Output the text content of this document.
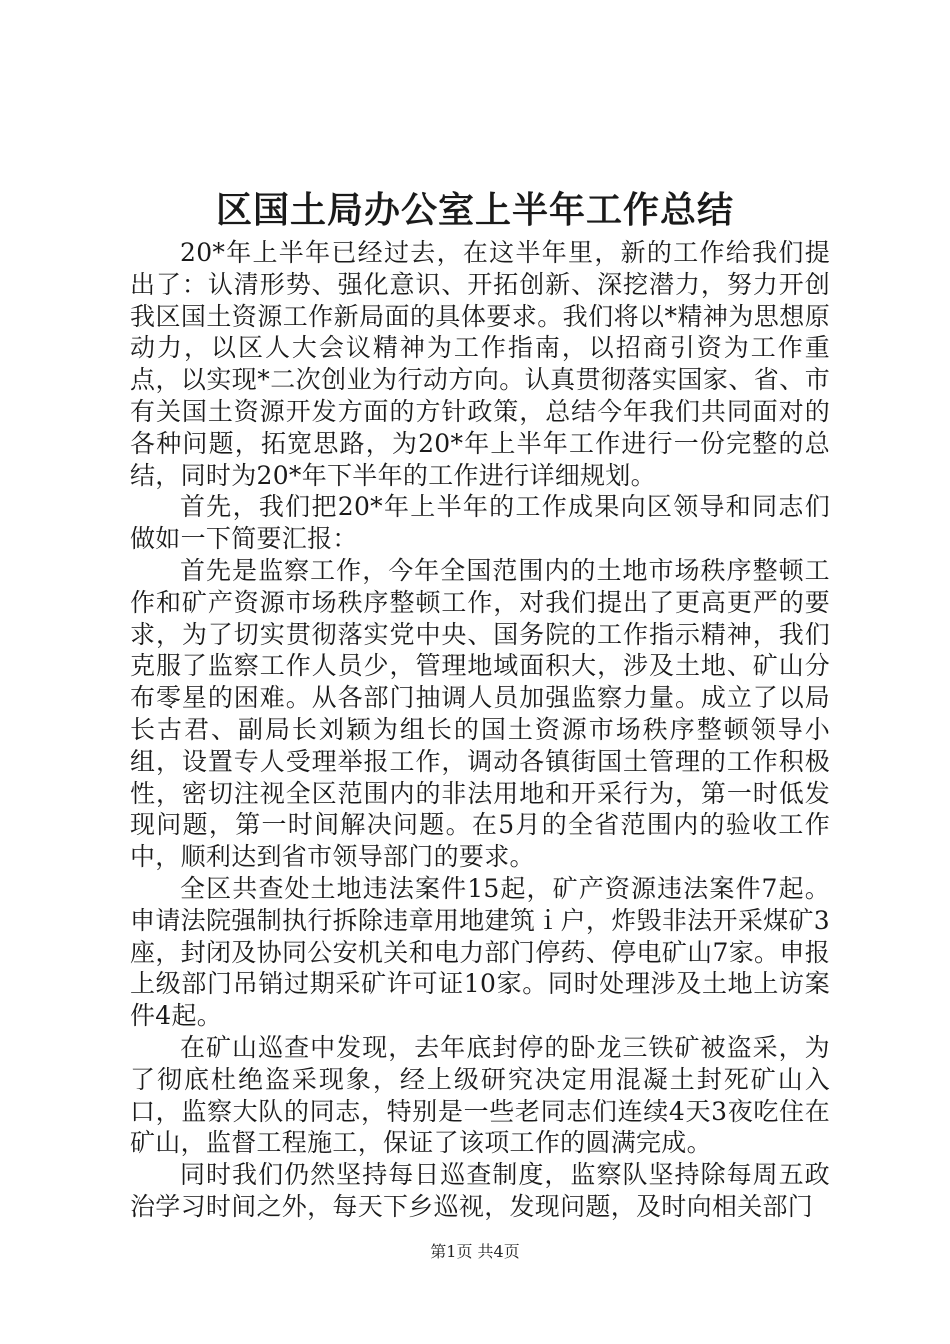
区国土局办公室上半年工作总结

20*年上半年已经过去，在这半年里，新的工作给我们提出了：认清形势、强化意识、开拓创新、深挖潜力，努力开创我区国土资源工作新局面的具体要求。我们将以*精神为思想原动力，以区人大会议精神为工作指南，以招商引资为工作重点，以实现*二次创业为行动方向。认真贯彻落实国家、省、市有关国土资源开发方面的方针政策，总结今年我们共同面对的各种问题，拓宽思路，为20*年上半年工作进行一份完整的总结，同时为20*年下半年的工作进行详细规划。

首先，我们把20*年上半年的工作成果向区领导和同志们做如一下简要汇报：

首先是监察工作，今年全国范围内的土地市场秩序整顿工作和矿产资源市场秩序整顿工作，对我们提出了更高更严的要求，为了切实贯彻落实党中央、国务院的工作指示精神，我们克服了监察工作人员少，管理地域面积大，涉及土地、矿山分布零星的困难。从各部门抽调人员加强监察力量。成立了以局长古君、副局长刘颖为组长的国土资源市场秩序整顿领导小组，设置专人受理举报工作，调动各镇街国土管理的工作积极性，密切注视全区范围内的非法用地和开采行为，第一时低发现问题，第一时间解决问题。在5月的全省范围内的验收工作中，顺利达到省市领导部门的要求。

全区共查处土地违法案件15起，矿产资源违法案件7起。申请法院强制执行拆除违章用地建筑ｉ户，炸毁非法开采煤矿3座，封闭及协同公安机关和电力部门停药、停电矿山7家。申报上级部门吊销过期采矿许可证10家。同时处理涉及土地上访案件4起。

在矿山巡查中发现，去年底封停的卧龙三铁矿被盗采，为了彻底杜绝盗采现象，经上级研究决定用混凝土封死矿山入口，监察大队的同志，特别是一些老同志们连续4天3夜吃住在矿山，监督工程施工，保证了该项工作的圆满完成。

同时我们仍然坚持每日巡查制度，监察队坚持除每周五政治学习时间之外，每天下乡巡视，发现问题，及时向相关部门

第1页 共4页
